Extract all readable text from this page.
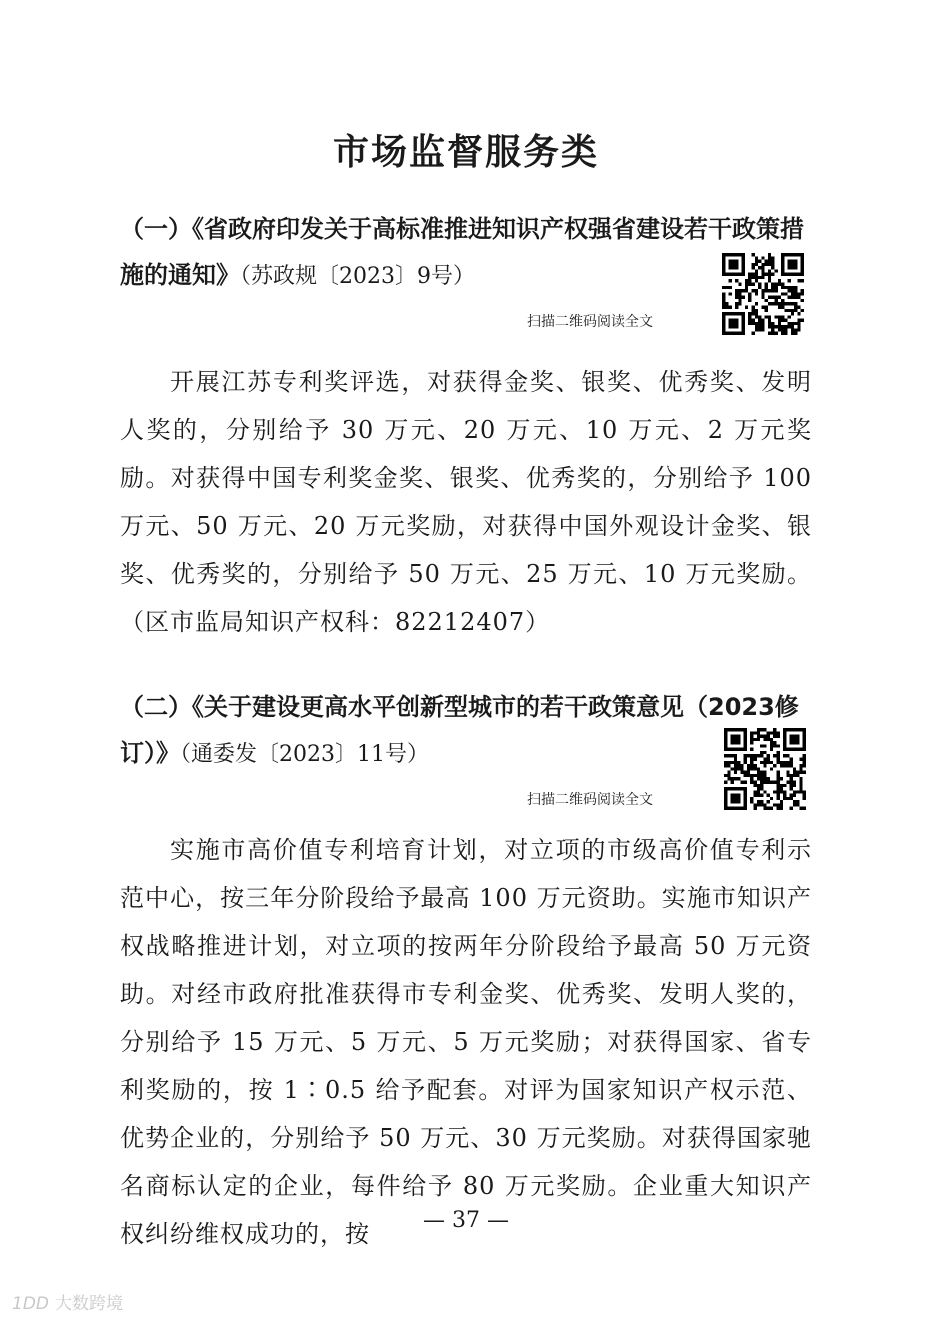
市场监督服务类
（一）《省政府印发关于高标准推进知识产权强省建设若干政策措施的通知》（苏政规〔2023〕9号）
扫描二维码阅读全文

开展江苏专利奖评选，对获得金奖、银奖、优秀奖、发明人奖的，分别给予 30 万元、20 万元、10 万元、2 万元奖励。对获得中国专利奖金奖、银奖、优秀奖的，分别给予 100 万元、50 万元、20 万元奖励，对获得中国外观设计金奖、银奖、优秀奖的，分别给予 50 万元、25 万元、10 万元奖励。（区市监局知识产权科：82212407）

（二）《关于建设更高水平创新型城市的若干政策意见（2023修订）》（通委发〔2023〕11号）
扫描二维码阅读全文

实施市高价值专利培育计划，对立项的市级高价值专利示范中心，按三年分阶段给予最高 100 万元资助。实施市知识产权战略推进计划，对立项的按两年分阶段给予最高 50 万元资助。对经市政府批准获得市专利金奖、优秀奖、发明人奖的，分别给予 15 万元、5 万元、5 万元奖励；对获得国家、省专利奖励的，按 1∶0.5 给予配套。对评为国家知识产权示范、优势企业的，分别给予 50 万元、30 万元奖励。对获得国家驰名商标认定的企业，每件给予 80 万元奖励。企业重大知识产权纠纷维权成功的，按	— 37 —
1DD 大数跨境
